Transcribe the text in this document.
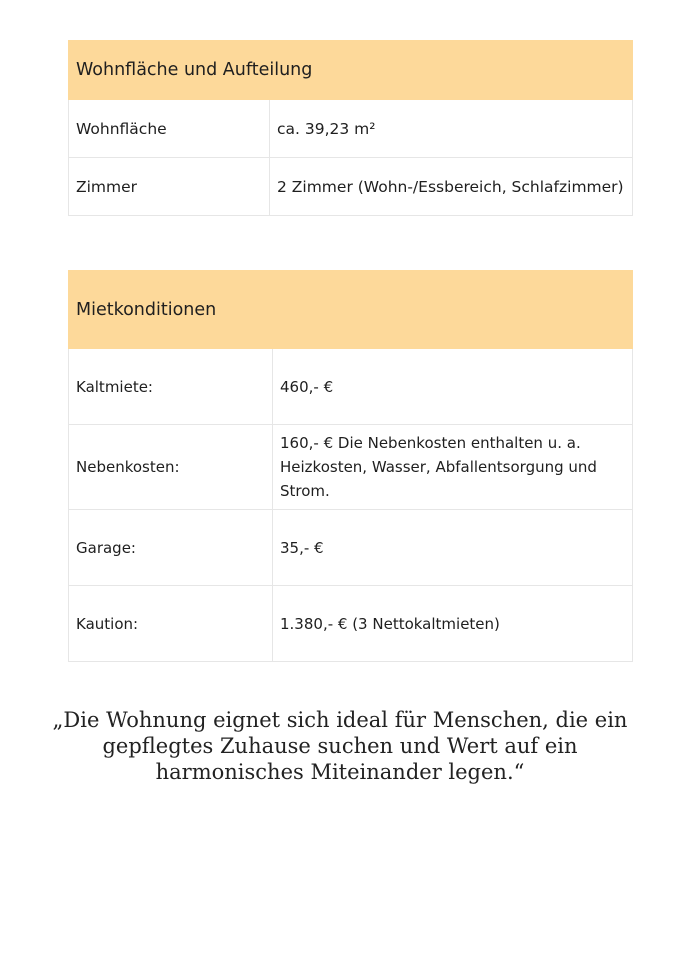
Wohnfläche und Aufteilung	
Wohnfläche	ca. 39,23 m²
Zimmer	2 Zimmer (Wohn-/Essbereich, Schlafzimmer)
Mietkonditionen	
Kaltmiete:	460,- €
Nebenkosten:	160,- € Die Nebenkosten enthalten u. a. Heizkosten, Wasser, Abfallentsorgung und Strom.
Garage:	35,- €
Kaution:	1.380,- € (3 Nettokaltmieten)
„Die Wohnung eignet sich ideal für Menschen, die ein gepflegtes Zuhause suchen und Wert auf ein harmonisches Miteinander legen.“
